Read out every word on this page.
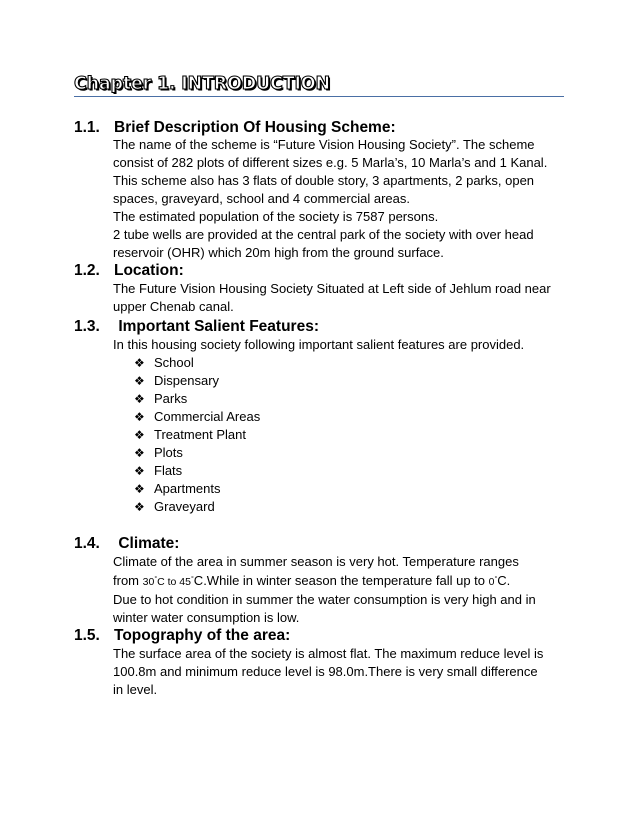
Chapter 1. INTRODUCTION
1.1. Brief Description Of Housing Scheme:
The name of the scheme is “Future Vision Housing Society”. The scheme
consist of 282 plots of different sizes e.g. 5 Marla’s, 10 Marla’s and 1 Kanal.
This scheme also has 3 flats of double story, 3 apartments, 2 parks, open
spaces, graveyard, school and 4 commercial areas.
The estimated population of the society is 7587 persons.
2 tube wells are provided at the central park of the society with over head
reservoir (OHR) which 20m high from the ground surface.
1.2. Location:
The Future Vision Housing Society Situated at Left side of Jehlum road near
upper Chenab canal.
1.3. Important Salient Features:
In this housing society following important salient features are provided.
❖ School
❖ Dispensary
❖ Parks
❖ Commercial Areas
❖ Treatment Plant
❖ Plots
❖ Flats
❖ Apartments
❖ Graveyard
1.4. Climate:
Climate of the area in summer season is very hot. Temperature ranges
from 30°C to 45°C.While in winter season the temperature fall up to 0°C.
Due to hot condition in summer the water consumption is very high and in
winter water consumption is low.
1.5. Topography of the area:
The surface area of the society is almost flat. The maximum reduce level is
100.8m and minimum reduce level is 98.0m.There is very small difference
in level.
